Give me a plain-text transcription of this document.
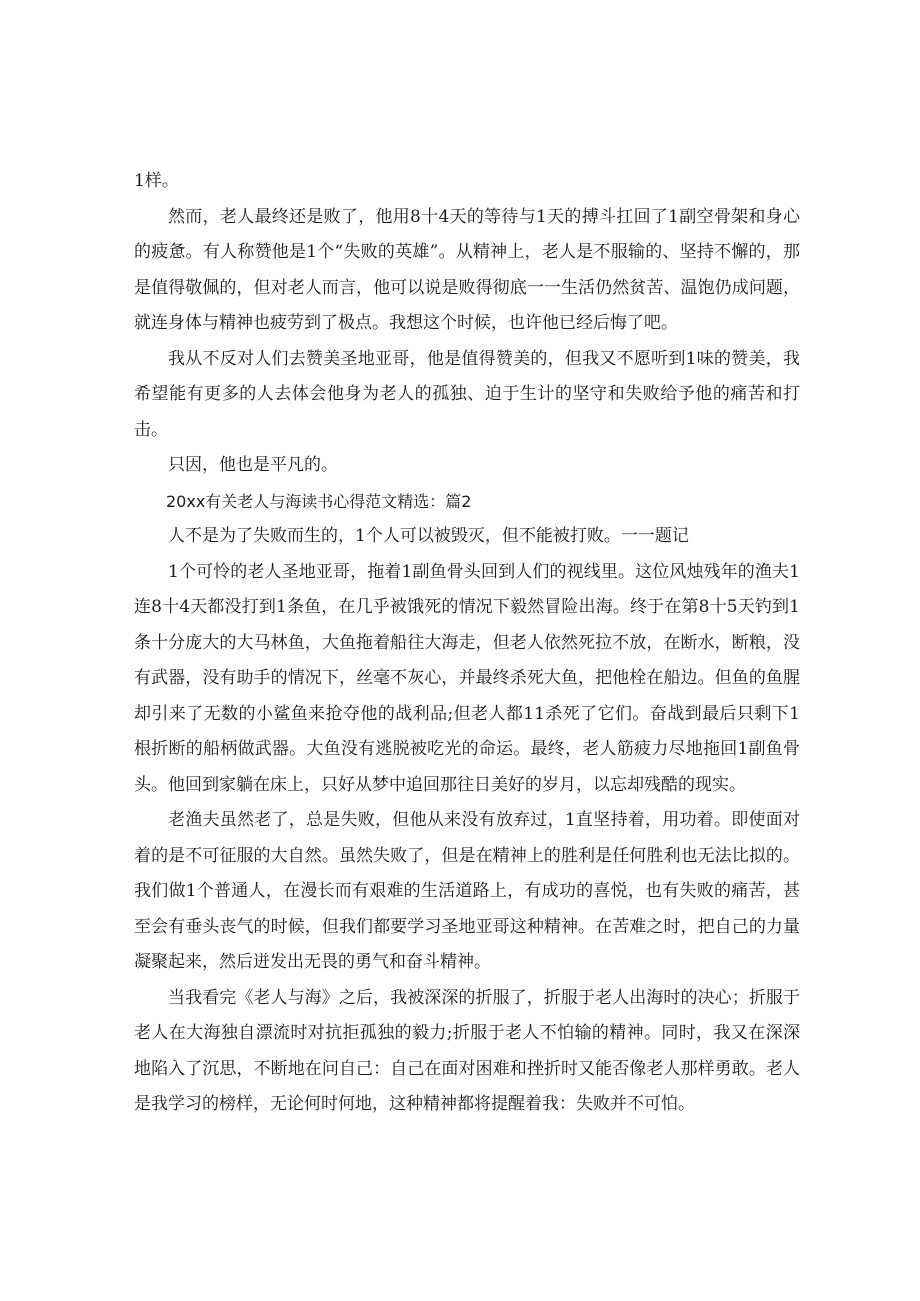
1样。

然而，老人最终还是败了，他用8十4天的等待与1天的搏斗扛回了1副空骨架和身心的疲惫。有人称赞他是1个“失败的英雄”。从精神上，老人是不服输的、坚持不懈的，那是值得敬佩的，但对老人而言，他可以说是败得彻底一一生活仍然贫苦、温饱仍成问题，就连身体与精神也疲劳到了极点。我想这个时候，也许他已经后悔了吧。

我从不反对人们去赞美圣地亚哥，他是值得赞美的，但我又不愿听到1味的赞美，我希望能有更多的人去体会他身为老人的孤独、迫于生计的坚守和失败给予他的痛苦和打击。

只因，他也是平凡的。

20xx有关老人与海读书心得范文精选：篇2

人不是为了失败而生的，1个人可以被毁灭，但不能被打败。一一题记

1个可怜的老人圣地亚哥，拖着1副鱼骨头回到人们的视线里。这位风烛残年的渔夫1连8十4天都没打到1条鱼，在几乎被饿死的情况下毅然冒险出海。终于在第8十5天钓到1条十分庞大的大马林鱼，大鱼拖着船往大海走，但老人依然死拉不放，在断水，断粮，没有武器，没有助手的情况下，丝毫不灰心，并最终杀死大鱼，把他栓在船边。但鱼的鱼腥却引来了无数的小鲨鱼来抢夺他的战利品;但老人都11杀死了它们。奋战到最后只剩下1根折断的船柄做武器。大鱼没有逃脱被吃光的命运。最终，老人筋疲力尽地拖回1副鱼骨头。他回到家躺在床上，只好从梦中追回那往日美好的岁月，以忘却残酷的现实。

老渔夫虽然老了，总是失败，但他从来没有放弃过，1直坚持着，用功着。即使面对着的是不可征服的大自然。虽然失败了，但是在精神上的胜利是任何胜利也无法比拟的。我们做1个普通人，在漫长而有艰难的生活道路上，有成功的喜悦，也有失败的痛苦，甚至会有垂头丧气的时候，但我们都要学习圣地亚哥这种精神。在苦难之时，把自己的力量凝聚起来，然后迸发出无畏的勇气和奋斗精神。

当我看完《老人与海》之后，我被深深的折服了，折服于老人出海时的决心；折服于老人在大海独自漂流时对抗拒孤独的毅力;折服于老人不怕输的精神。同时，我又在深深地陷入了沉思，不断地在问自己：自己在面对困难和挫折时又能否像老人那样勇敢。老人是我学习的榜样，无论何时何地，这种精神都将提醒着我：失败并不可怕。
